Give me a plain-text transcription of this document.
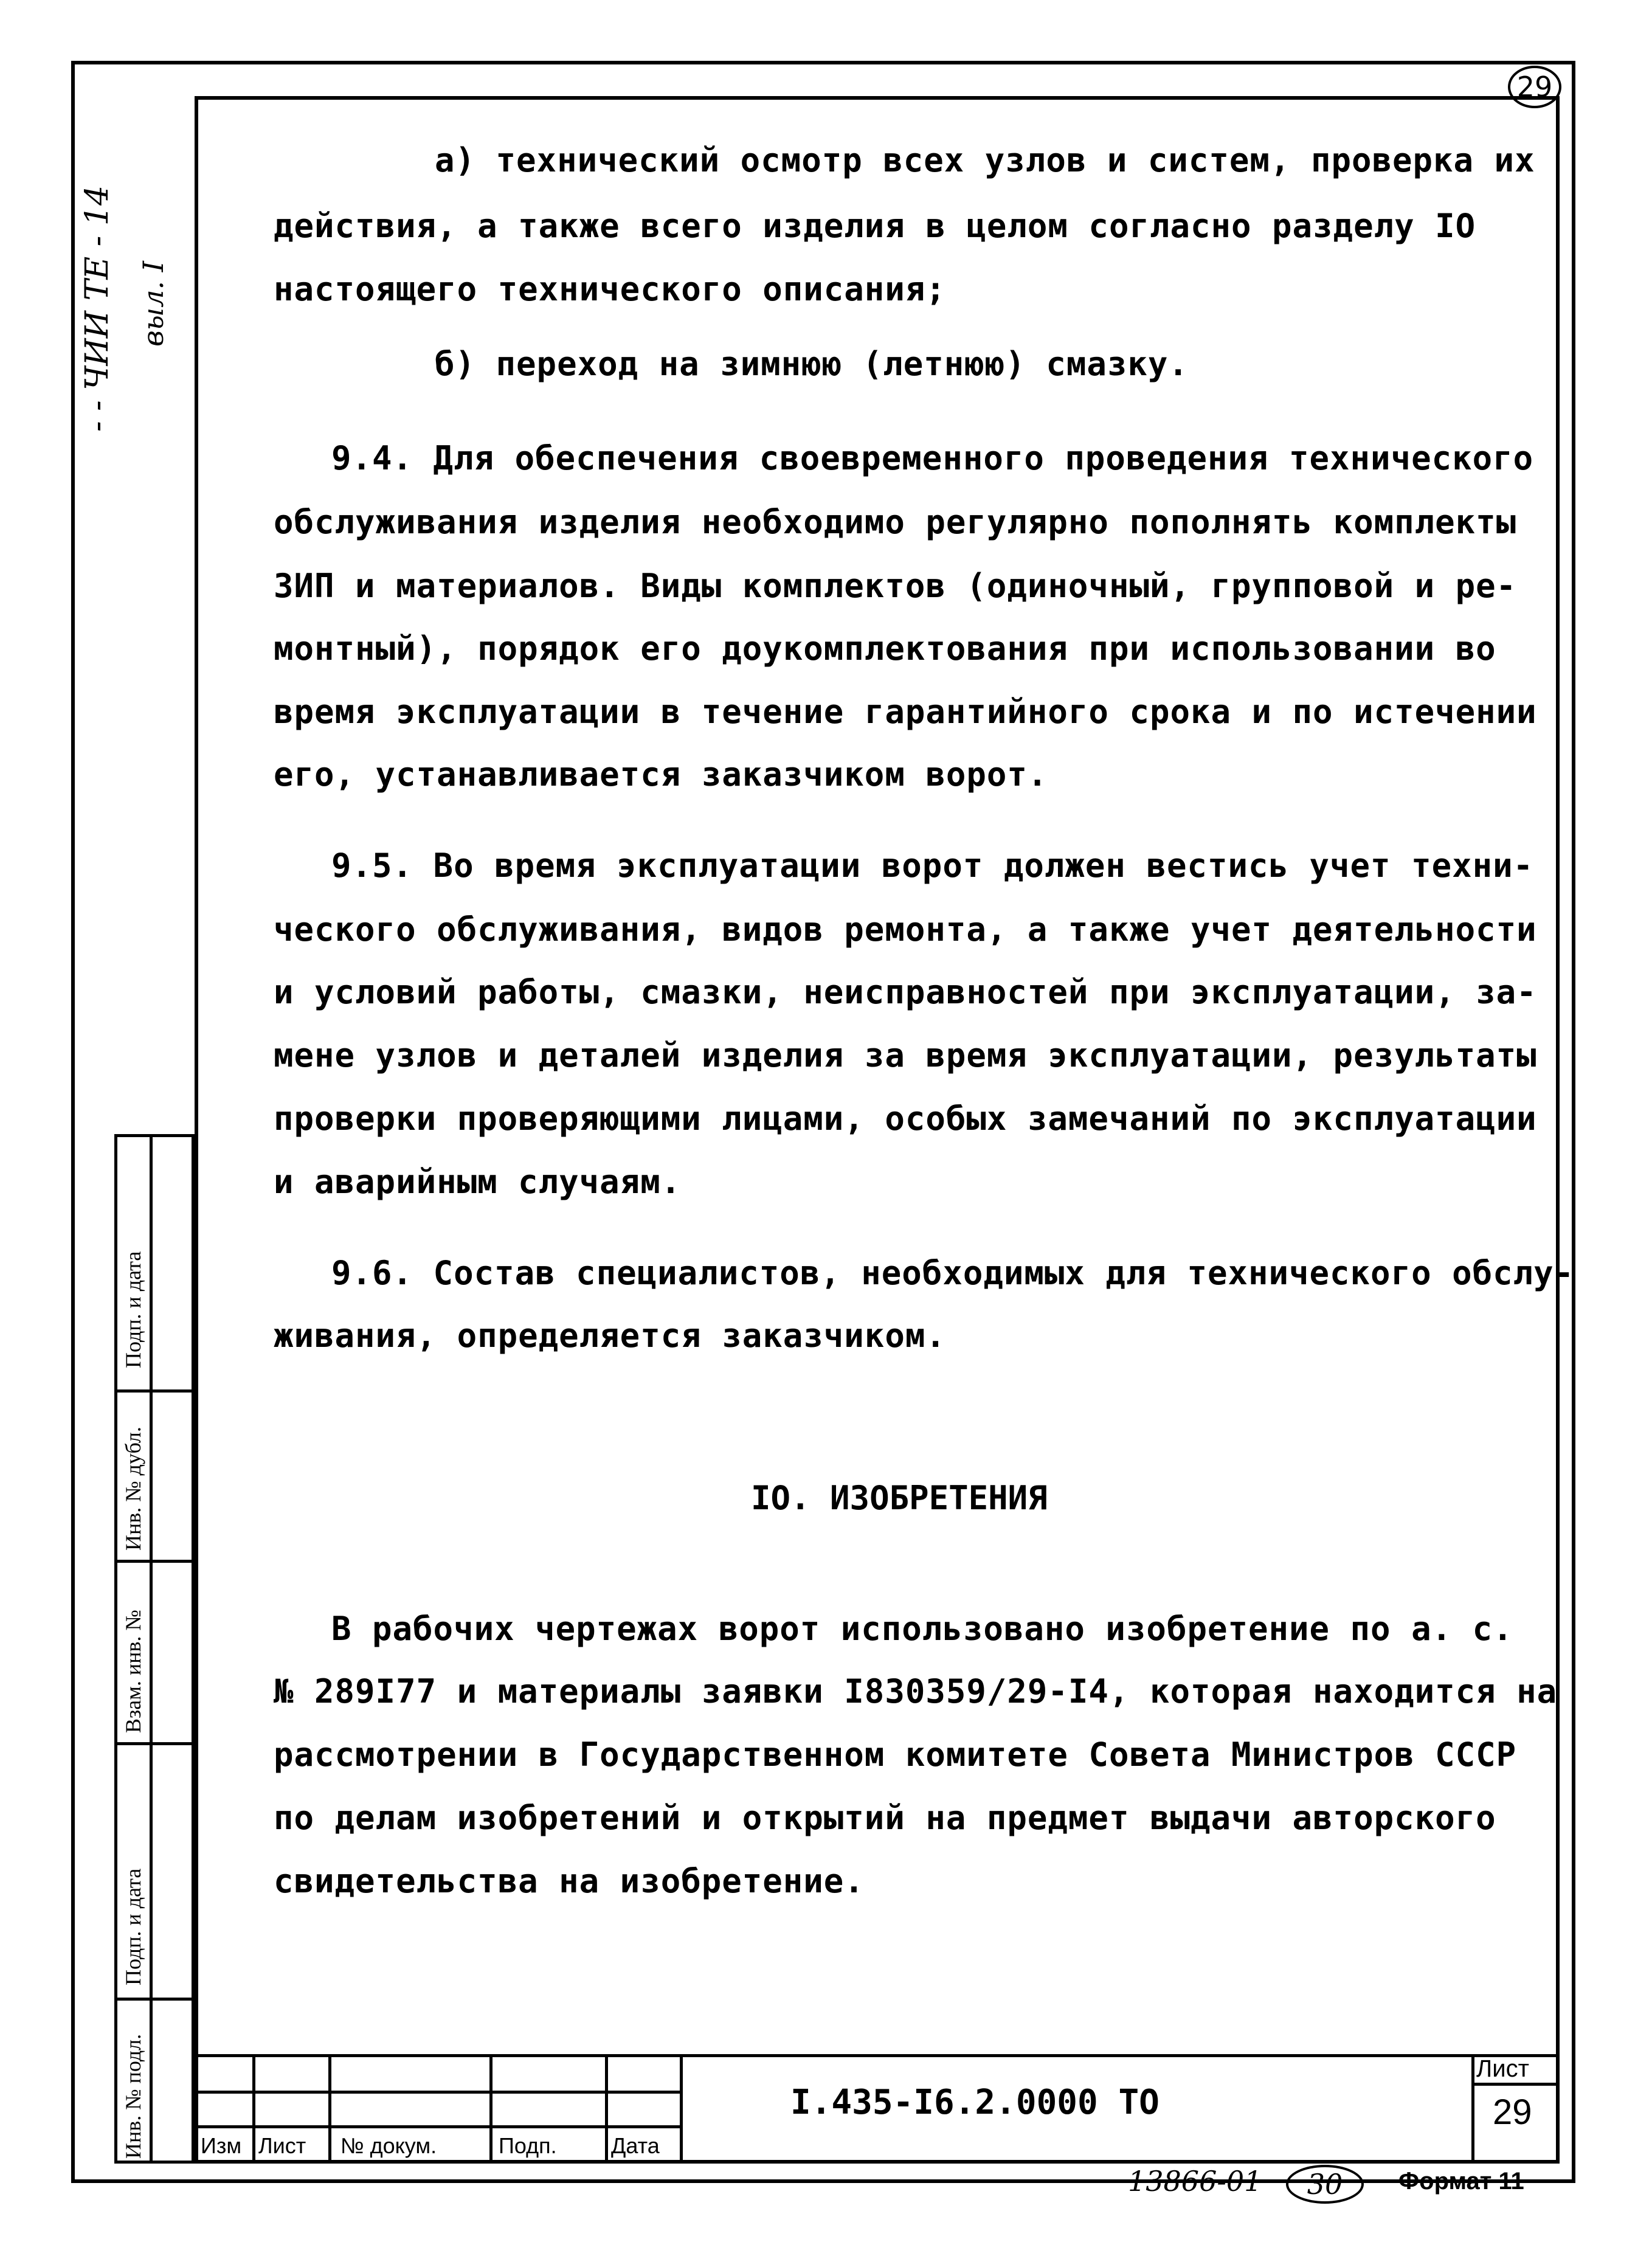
- - ЧИИ ТЕ - 14 выл. I
29
а) технический осмотр всех узлов и систем, проверка их
действия, а также всего изделия в целом согласно разделу IO
настоящего технического описания;
б) переход на зимнюю (летнюю) смазку.
9.4. Для обеспечения своевременного проведения технического
обслуживания изделия необходимо регулярно пополнять комплекты
ЗИП и материалов. Виды комплектов (одиночный, групповой и ре-
монтный), порядок его доукомплектования при использовании во
время эксплуатации в течение гарантийного срока и по истечении
его, устанавливается заказчиком ворот.
9.5. Во время эксплуатации ворот должен вестись учет техни-
ческого обслуживания, видов ремонта, а также учет деятельности
и условий работы, смазки, неисправностей при эксплуатации, за-
мене узлов и деталей изделия за время эксплуатации, результаты
проверки проверяющими лицами, особых замечаний по эксплуатации
и аварийным случаям.
9.6. Состав специалистов, необходимых для технического обслу-
живания, определяется заказчиком.
IO. ИЗОБРЕТЕНИЯ
В рабочих чертежах ворот использовано изобретение по а. с.
№ 289I77 и материалы заявки I830359/29-I4, которая находится на
рассмотрении в Государственном комитете Совета Министров СССР
по делам изобретений и открытий на предмет выдачи авторского
свидетельства на изобретение.
Подп. и дата
Инв. № дубл.
Взам. инв. №
Подп. и дата
Инв. № подл.	Изм Лист № докум.	Подп. Дата
I.435-I6.2.0000 ТО
Лист
29
13866-01	30	Формат 11
